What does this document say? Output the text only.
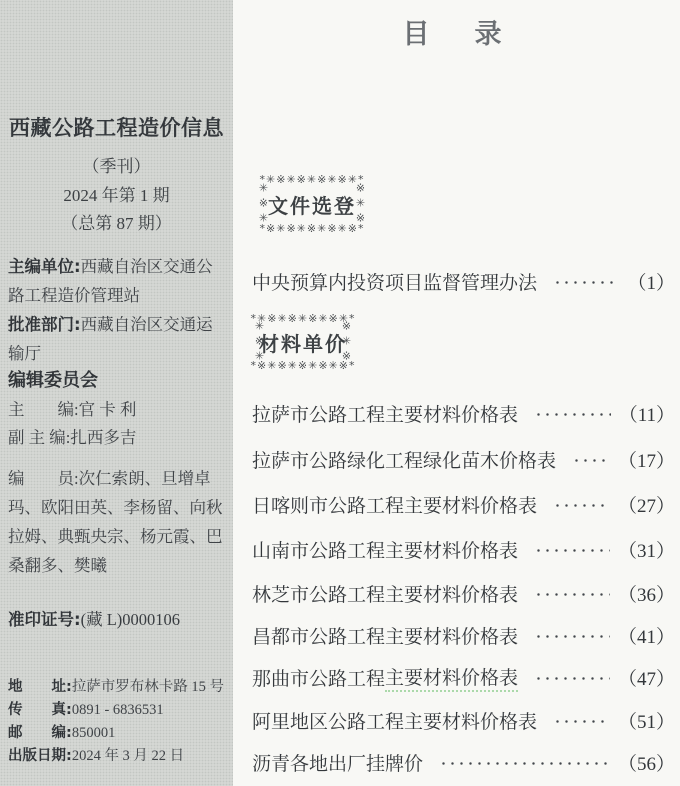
西藏公路工程造价信息
（季刊）
2024 年第 1 期
（总第 87 期）
主编单位:西藏自治区交通公路工程造价管理站
批准部门:西藏自治区交通运输厅
编辑委员会
主　　编:官 卡 利
副 主 编:扎西多吉
编　　员:次仁索朗、旦增卓玛、欧阳田英、李杨留、向秋拉姆、典甄央宗、杨元霞、巴桑翻多、樊曦
准印证号:(藏 L)0000106
地　　址:拉萨市罗布林卡路 15 号
传　　真:0891 - 6836531
邮　　编:850001
出版日期:2024 年 3 月 22 日
目　录
*✳※✳※✳※✳※✳*
*※✳※✳※✳※✳※*
✳※✳	※✳※
文件选登
中央预算内投资项目监督管理办法	（1）
*✳※✳※✳※✳※✳*
*※✳※✳※✳※✳※*
✳※✳	※✳※
材料单价
拉萨市公路工程主要材料价格表	（11）
拉萨市公路绿化工程绿化苗木价格表	（17）
日喀则市公路工程主要材料价格表	（27）
山南市公路工程主要材料价格表	（31）
林芝市公路工程主要材料价格表	（36）
昌都市公路工程主要材料价格表	（41）
那曲市公路工程 主要材料价格表	（47）
阿里地区公路工程主要材料价格表	（51）
沥青各地出厂挂牌价	（56）
